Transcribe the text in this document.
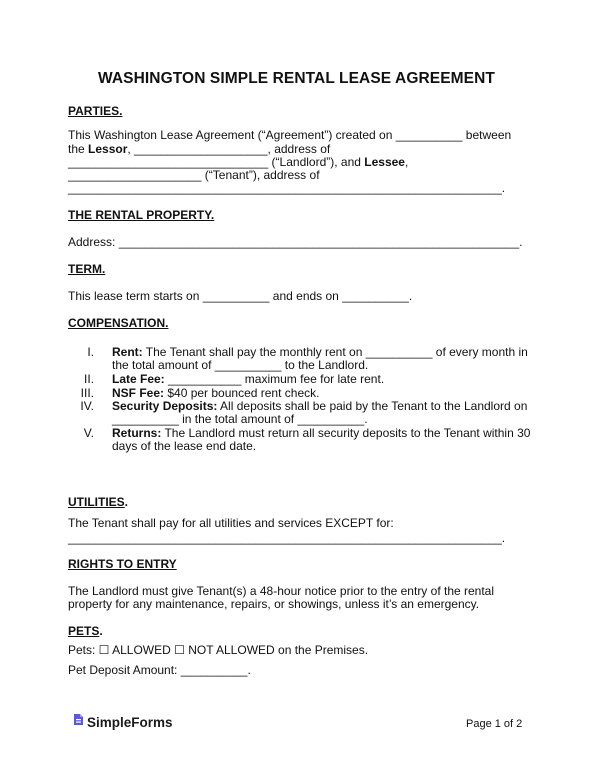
WASHINGTON SIMPLE RENTAL LEASE AGREEMENT
PARTIES.
This Washington Lease Agreement (“Agreement”) created on __________ between
the Lessor, ____________________, address of
______________________________ (“Landlord”), and Lessee,
____________________ (“Tenant”), address of
_________________________________________________________________.
THE RENTAL PROPERTY.
Address: ____________________________________________________________.
TERM.
This lease term starts on __________ and ends on __________.
COMPENSATION.
I. Rent: The Tenant shall pay the monthly rent on __________ of every month in
the total amount of __________ to the Landlord.
II. Late Fee: ___________ maximum fee for late rent.
III. NSF Fee: $40 per bounced rent check.
IV. Security Deposits: All deposits shall be paid by the Tenant to the Landlord on
__________ in the total amount of __________.
V. Returns: The Landlord must return all security deposits to the Tenant within 30
days of the lease end date.
UTILITIES.
The Tenant shall pay for all utilities and services EXCEPT for:
_________________________________________________________________.
RIGHTS TO ENTRY
The Landlord must give Tenant(s) a 48-hour notice prior to the entry of the rental
property for any maintenance, repairs, or showings, unless it’s an emergency.
PETS.
Pets: ☐ ALLOWED ☐ NOT ALLOWED on the Premises.
Pet Deposit Amount: __________.
SimpleForms	Page 1 of 2
